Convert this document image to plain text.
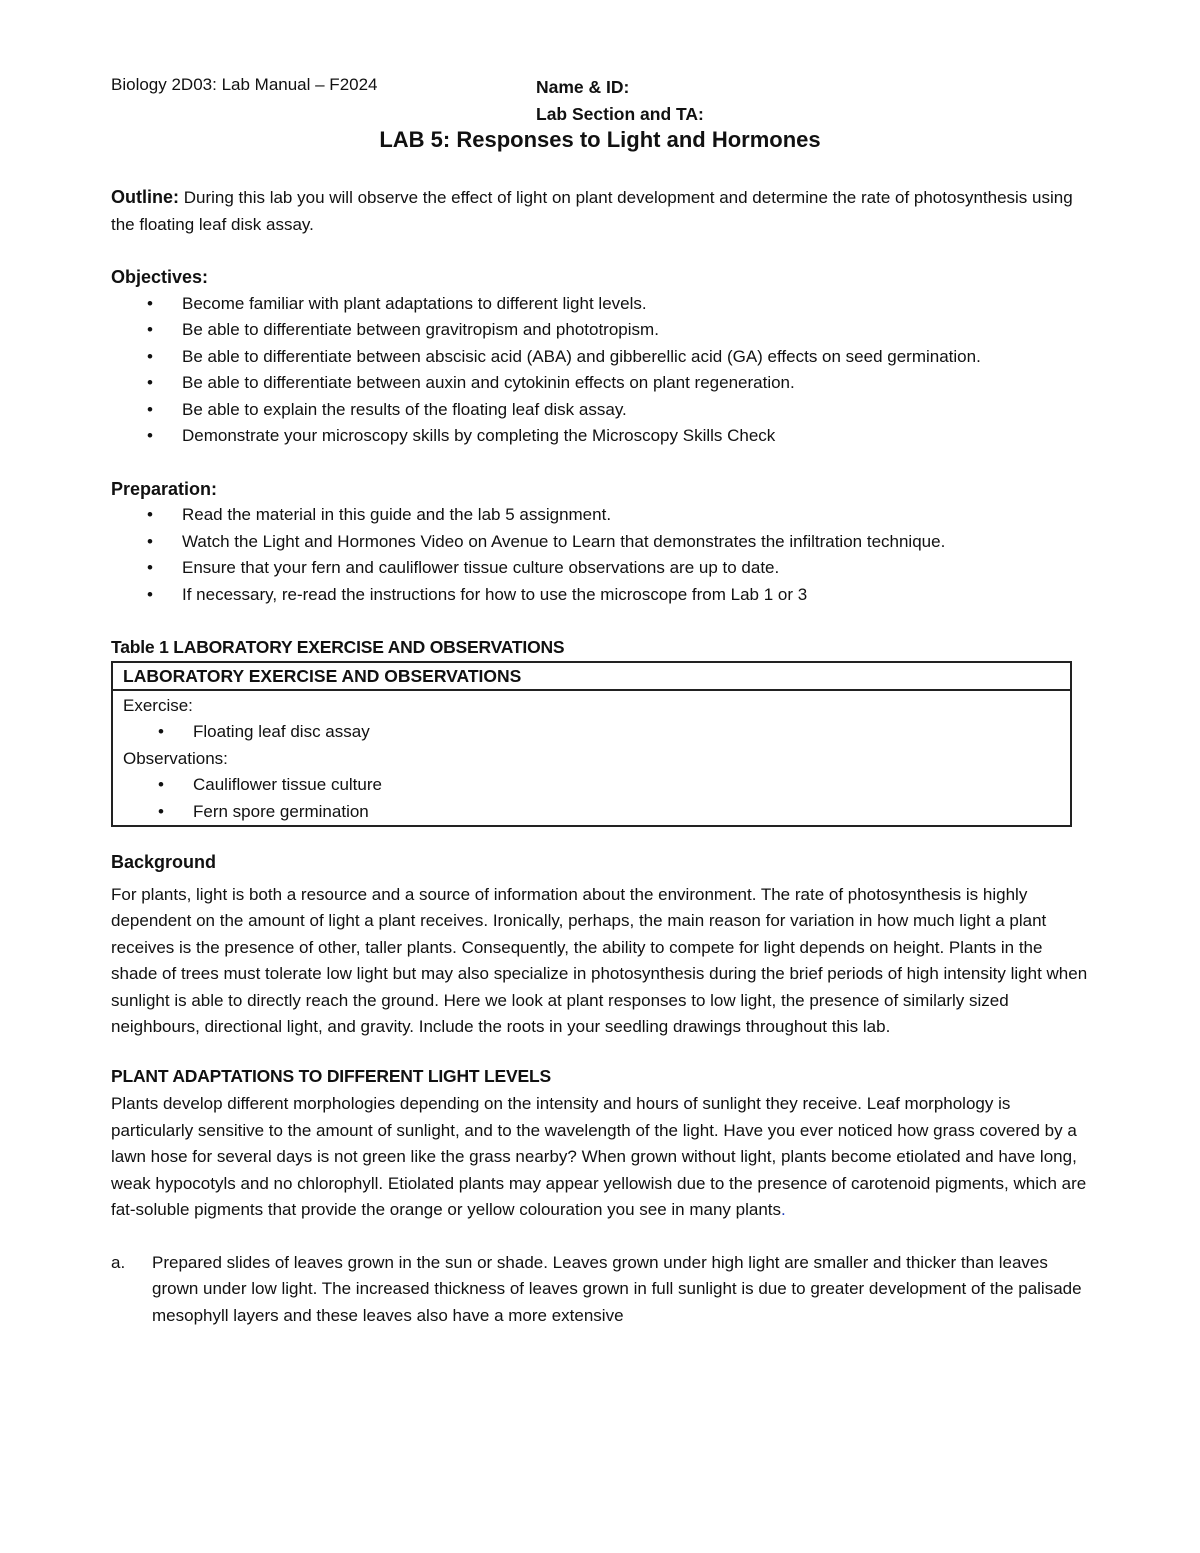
Biology 2D03: Lab Manual – F2024	Name & ID:
Lab Section and TA:
LAB 5: Responses to Light and Hormones

Outline: During this lab you will observe the effect of light on plant development and determine the rate of photosynthesis using the floating leaf disk assay.

Objectives:

• Become familiar with plant adaptations to different light levels.
• Be able to differentiate between gravitropism and phototropism.
• Be able to differentiate between abscisic acid (ABA) and gibberellic acid (GA) effects on seed germination.
• Be able to differentiate between auxin and cytokinin effects on plant regeneration.
• Be able to explain the results of the floating leaf disk assay.
• Demonstrate your microscopy skills by completing the Microscopy Skills Check

Preparation:

• Read the material in this guide and the lab 5 assignment.
• Watch the Light and Hormones Video on Avenue to Learn that demonstrates the infiltration technique.
• Ensure that your fern and cauliflower tissue culture observations are up to date.
• If necessary, re-read the instructions for how to use the microscope from Lab 1 or 3

Table 1 LABORATORY EXERCISE AND OBSERVATIONS

LABORATORY EXERCISE AND OBSERVATIONS

Exercise:

• Floating leaf disc assay

Observations:

• Cauliflower tissue culture
• Fern spore germination

Background

For plants, light is both a resource and a source of information about the environment. The rate of photosynthesis is highly dependent on the amount of light a plant receives. Ironically, perhaps, the main reason for variation in how much light a plant receives is the presence of other, taller plants. Consequently, the ability to compete for light depends on height. Plants in the shade of trees must tolerate low light but may also specialize in photosynthesis during the brief periods of high intensity light when sunlight is able to directly reach the ground. Here we look at plant responses to low light, the presence of similarly sized neighbours, directional light, and gravity. Include the roots in your seedling drawings throughout this lab.

PLANT ADAPTATIONS TO DIFFERENT LIGHT LEVELS

Plants develop different morphologies depending on the intensity and hours of sunlight they receive. Leaf morphology is particularly sensitive to the amount of sunlight, and to the wavelength of the light. Have you ever noticed how grass covered by a lawn hose for several days is not green like the grass nearby? When grown without light, plants become etiolated and have long, weak hypocotyls and no chlorophyll. Etiolated plants may appear yellowish due to the presence of carotenoid pigments, which are fat-soluble pigments that provide the orange or yellow colouration you see in many plants.

a. Prepared slides of leaves grown in the sun or shade. Leaves grown under high light are smaller and thicker than leaves grown under low light. The increased thickness of leaves grown in full sunlight is due to greater development of the palisade mesophyll layers and these leaves also have a more extensive
